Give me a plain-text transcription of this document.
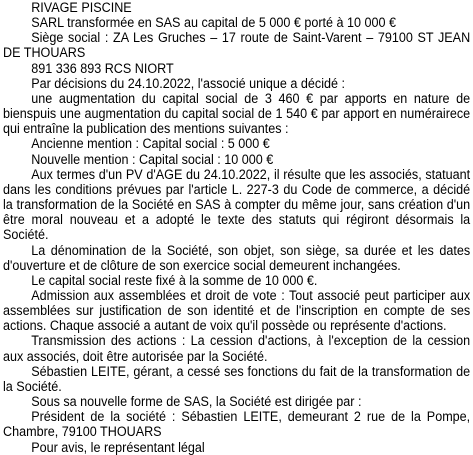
RIVAGE PISCINE

SARL transformée en SAS au capital de 5 000 € porté à 10 000 €

Siège social : ZA Les Gruches – 17 route de Saint-Varent – 79100 ST JEAN DE THOUARS

891 336 893 RCS NIORT

Par décisions du 24.10.2022, l'associé unique a décidé :

une augmentation du capital social de 3 460 € par apports en nature de bienspuis une augmentation du capital social de 1 540 € par apport en numérairece qui entraîne la publication des mentions suivantes :

Ancienne mention : Capital social : 5 000 €

Nouvelle mention : Capital social : 10 000 €

Aux termes d'un PV d'AGE du 24.10.2022, il résulte que les associés, statuant dans les conditions prévues par l'article L. 227-3 du Code de commerce, a décidé la transformation de la Société en SAS à compter du même jour, sans création d'un être moral nouveau et a adopté le texte des statuts qui régiront désormais la Société.

La dénomination de la Société, son objet, son siège, sa durée et les dates d'ouverture et de clôture de son exercice social demeurent inchangées.

Le capital social reste fixé à la somme de 10 000 €.

Admission aux assemblées et droit de vote : Tout associé peut participer aux assemblées sur justification de son identité et de l'inscription en compte de ses actions. Chaque associé a autant de voix qu'il possède ou représente d'actions.

Transmission des actions : La cession d'actions, à l'exception de la cession aux associés, doit être autorisée par la Société.

Sébastien LEITE, gérant, a cessé ses fonctions du fait de la transformation de la Société.

Sous sa nouvelle forme de SAS, la Société est dirigée par :

Président de la société : Sébastien LEITE, demeurant 2 rue de la Pompe, Chambre, 79100 THOUARS

Pour avis, le représentant légal
